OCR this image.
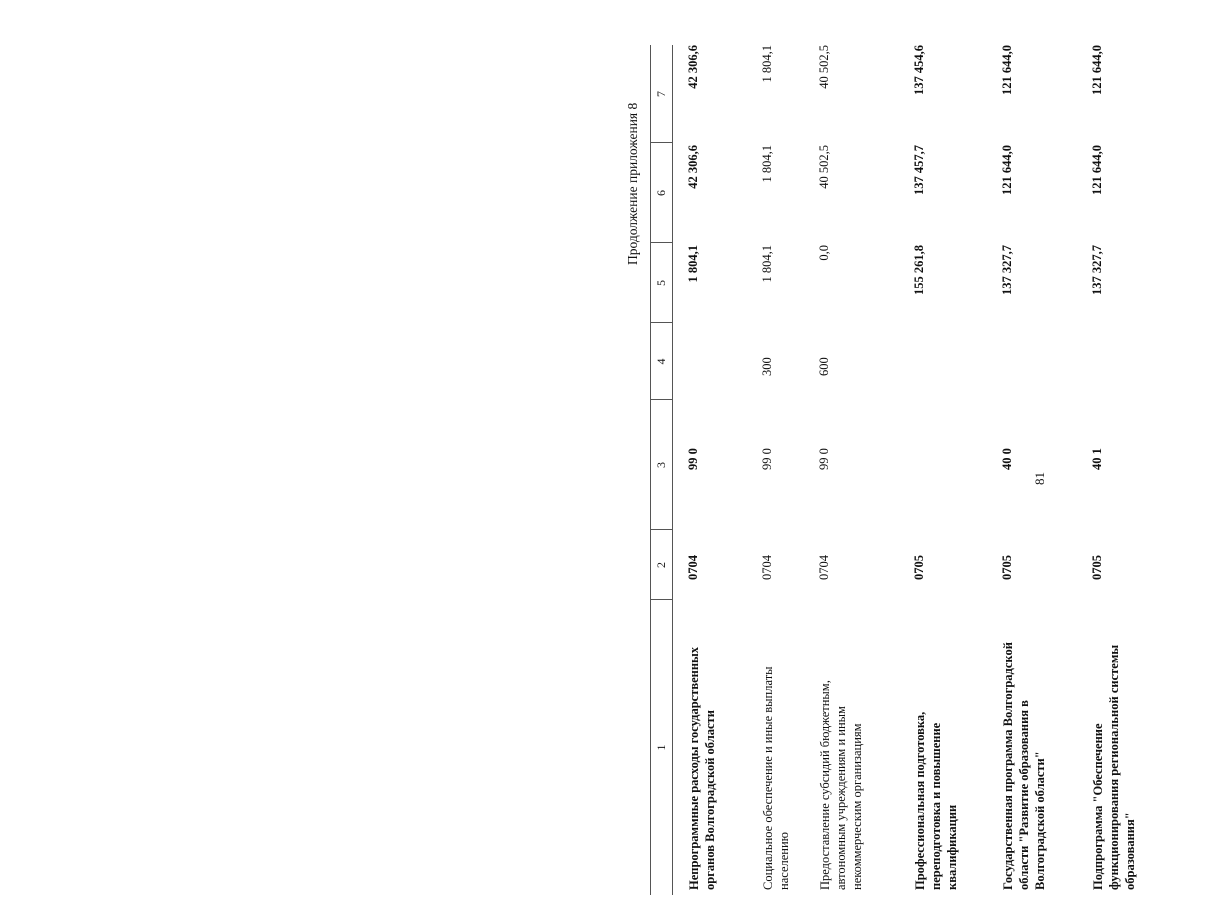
81
Продолжение приложения 8
1
2
3
4
5
6
7
Непрограммные расходы государственных органов Волгоградской области
0704
99 0
1 804,1
42 306,6
42 306,6
Социальное обеспечение и иные выплаты населению
0704
99 0
300
1 804,1
1 804,1
1 804,1
Предоставление субсидий бюджетным, автономным учреждениям и иным некоммерческим организациям
0704
99 0
600
0,0
40 502,5
40 502,5
Профессиональная подготовка, переподготовка и повышение квалификации
0705
155 261,8
137 457,7
137 454,6
Государственная программа Волгоградской области "Развитие образования в Волгоградской области"
0705
40 0
137 327,7
121 644,0
121 644,0
Подпрограмма "Обеспечение функционирования региональной системы образования"
0705
40 1
137 327,7
121 644,0
121 644,0
